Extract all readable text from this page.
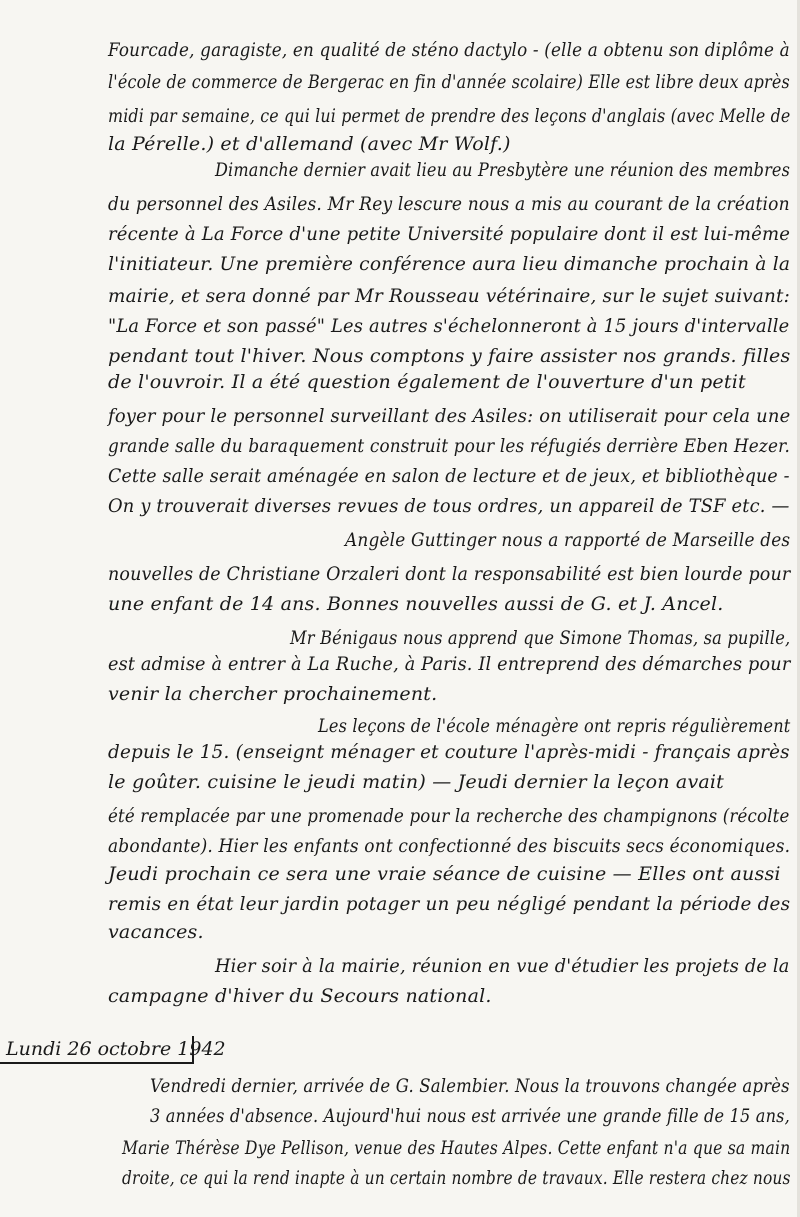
Fourcade, garagiste, en qualité de sténo dactylo - (elle a obtenu son diplôme à
l'école de commerce de Bergerac en fin d'année scolaire) Elle est libre deux après
midi par semaine, ce qui lui permet de prendre des leçons d'anglais (avec Melle de
la Pérelle.) et d'allemand (avec Mr Wolf.)
Dimanche dernier avait lieu au Presbytère une réunion des membres
du personnel des Asiles. Mr Rey lescure nous a mis au courant de la création
récente à La Force d'une petite Université populaire dont il est lui-même
l'initiateur. Une première conférence aura lieu dimanche prochain à la
mairie, et sera donné par Mr Rousseau vétérinaire, sur le sujet suivant:
"La Force et son passé" Les autres s'échelonneront à 15 jours d'intervalle
pendant tout l'hiver. Nous comptons y faire assister nos grands. filles
de l'ouvroir. Il a été question également de l'ouverture d'un petit
foyer pour le personnel surveillant des Asiles: on utiliserait pour cela une
grande salle du baraquement construit pour les réfugiés derrière Eben Hezer.
Cette salle serait aménagée en salon de lecture et de jeux, et bibliothèque -
On y trouverait diverses revues de tous ordres, un appareil de TSF etc. —
Angèle Guttinger nous a rapporté de Marseille des
nouvelles de Christiane Orzaleri dont la responsabilité est bien lourde pour
une enfant de 14 ans. Bonnes nouvelles aussi de G. et J. Ancel.
Mr Bénigaus nous apprend que Simone Thomas, sa pupille,
est admise à entrer à La Ruche, à Paris. Il entreprend des démarches pour
venir la chercher prochainement.
Les leçons de l'école ménagère ont repris régulièrement
depuis le 15. (enseignt ménager et couture l'après-midi - français après
le goûter. cuisine le jeudi matin) — Jeudi dernier la leçon avait
été remplacée par une promenade pour la recherche des champignons (récolte
abondante). Hier les enfants ont confectionné des biscuits secs économiques.
Jeudi prochain ce sera une vraie séance de cuisine — Elles ont aussi
remis en état leur jardin potager un peu négligé pendant la période des
vacances.
Hier soir à la mairie, réunion en vue d'étudier les projets de la
campagne d'hiver du Secours national.
Lundi 26 octobre 1942
Vendredi dernier, arrivée de G. Salembier. Nous la trouvons changée après
3 années d'absence. Aujourd'hui nous est arrivée une grande fille de 15 ans,
Marie Thérèse Dye Pellison, venue des Hautes Alpes. Cette enfant n'a que sa main
droite, ce qui la rend inapte à un certain nombre de travaux. Elle restera chez nous
